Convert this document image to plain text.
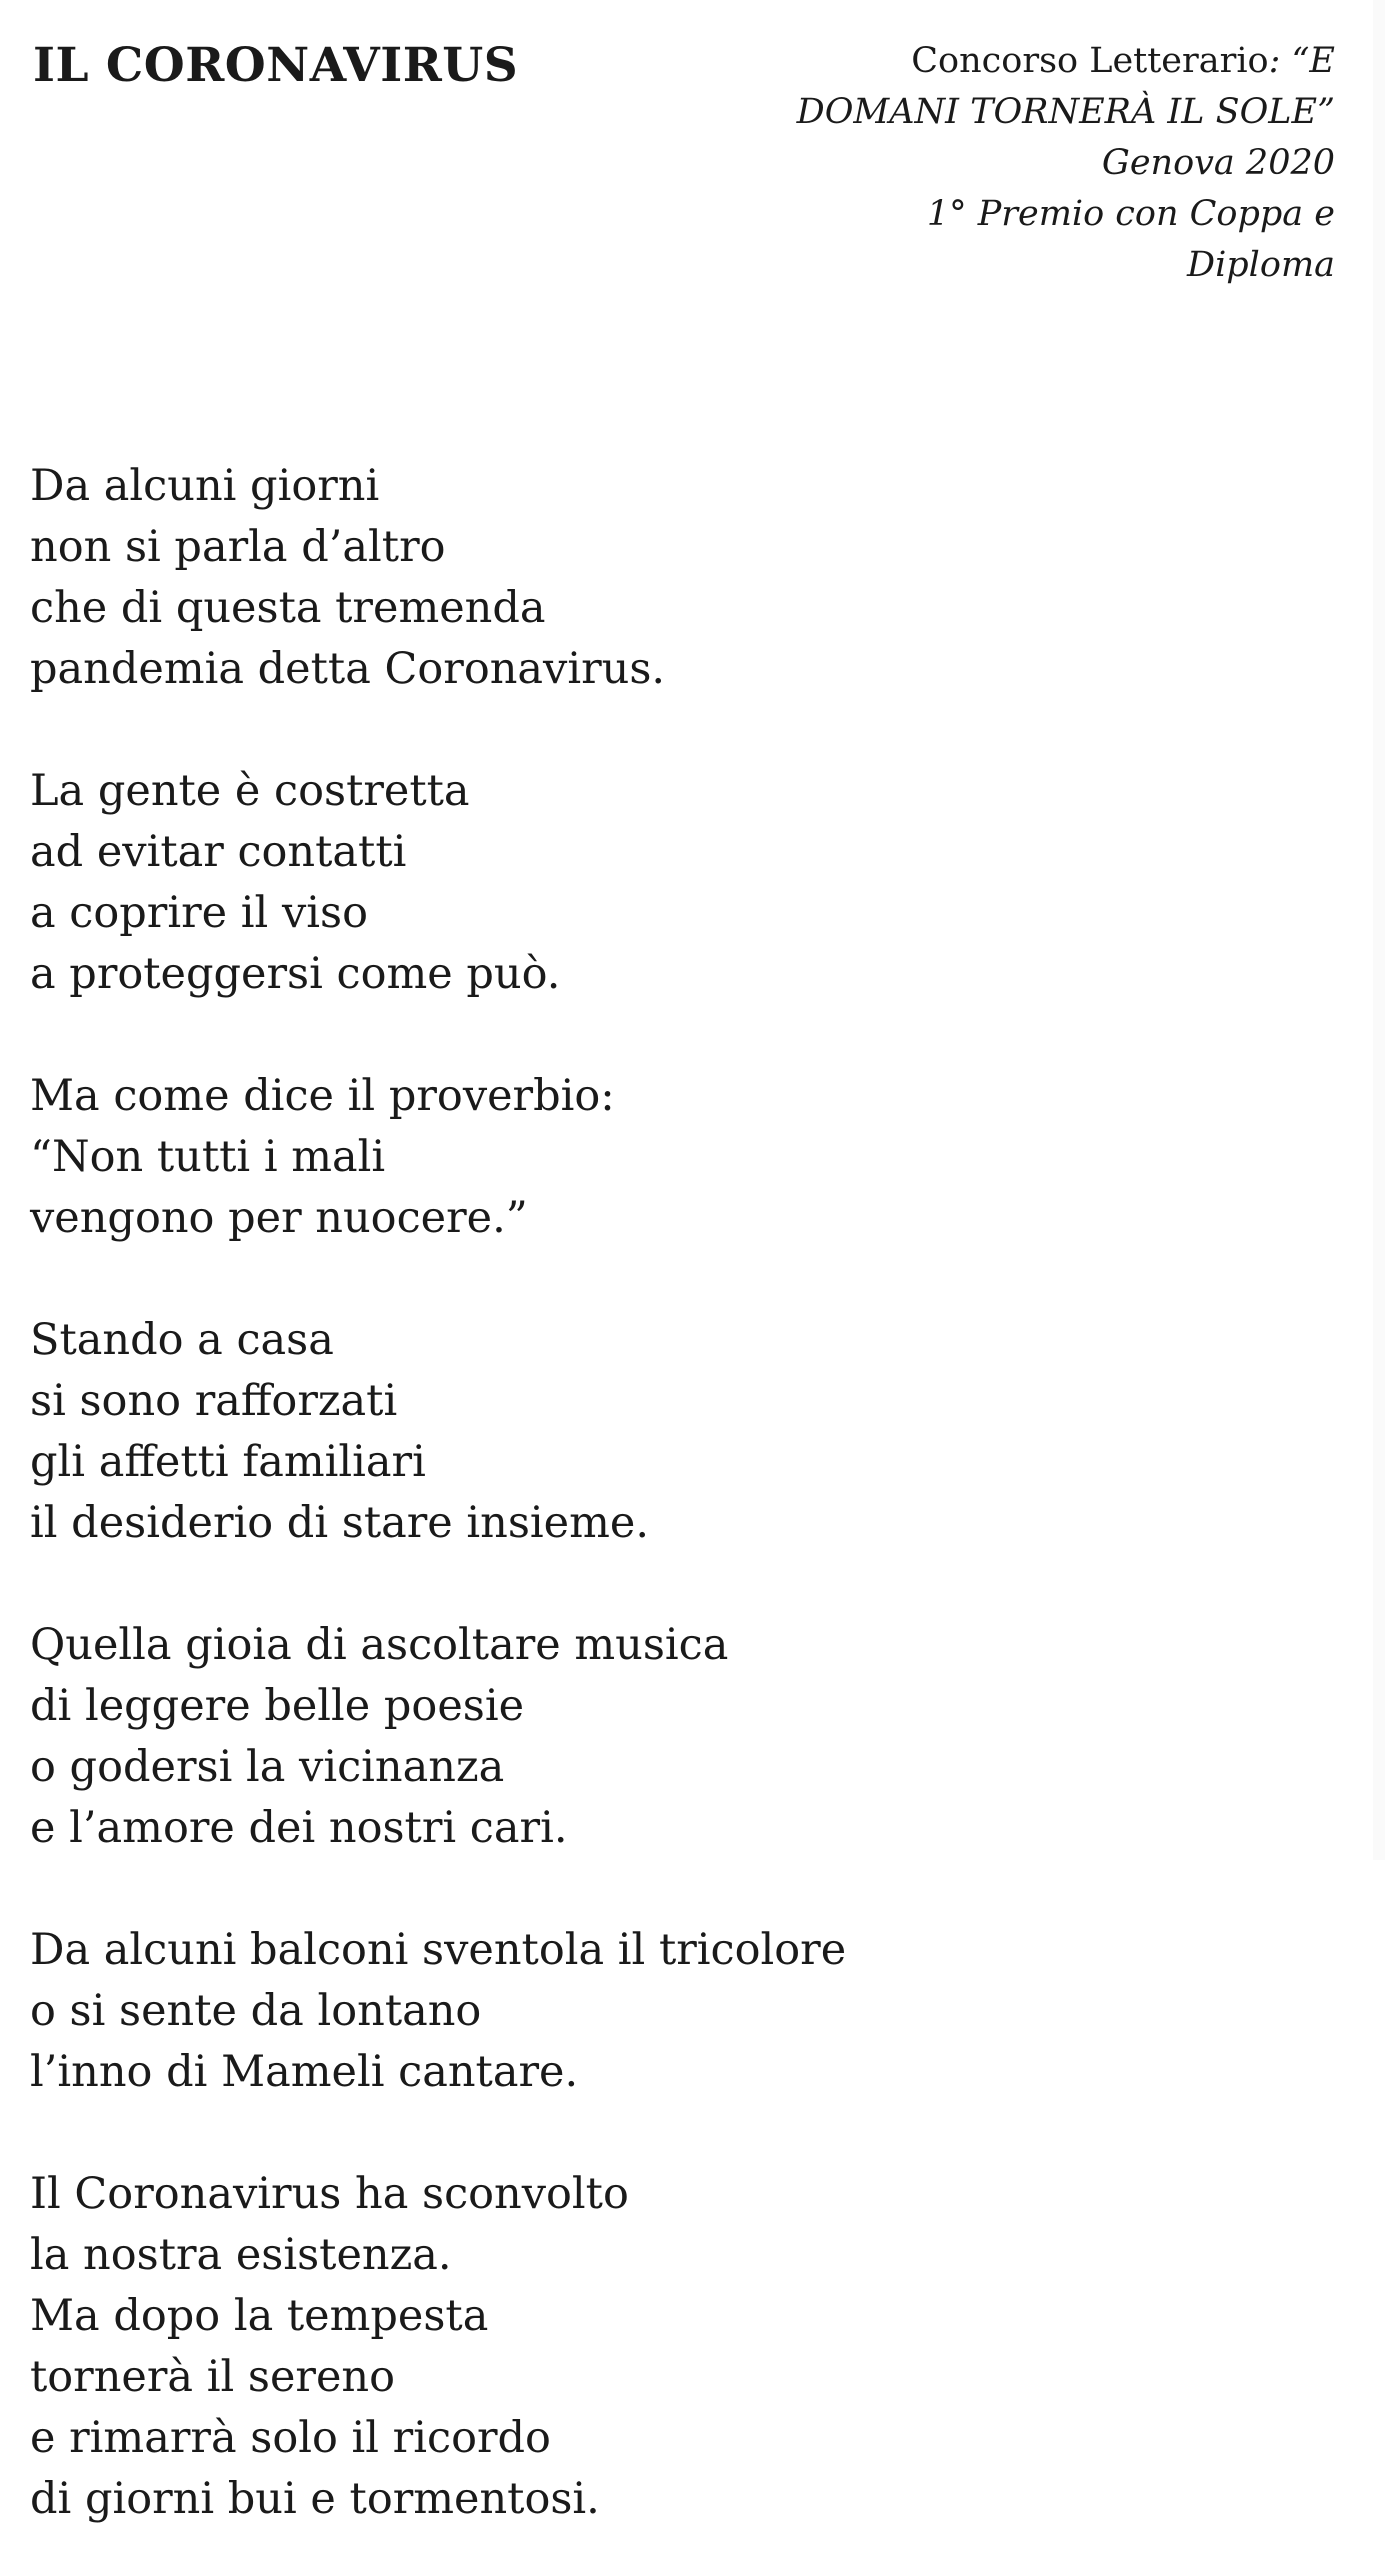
IL CORONAVIRUS	Concorso Letterario: “E
DOMANI TORNERÀ IL SOLE”
Genova 2020
1° Premio con Coppa e
Diploma
Da alcuni giorni
non si parla d’altro
che di questa tremenda
pandemia detta Coronavirus.
La gente è costretta
ad evitar contatti
a coprire il viso
a proteggersi come può.
Ma come dice il proverbio:
“Non tutti i mali
vengono per nuocere.”
Stando a casa
si sono rafforzati
gli affetti familiari
il desiderio di stare insieme.
Quella gioia di ascoltare musica
di leggere belle poesie
o godersi la vicinanza
e l’amore dei nostri cari.
Da alcuni balconi sventola il tricolore
o si sente da lontano
l’inno di Mameli cantare.
Il Coronavirus ha sconvolto
la nostra esistenza.
Ma dopo la tempesta
tornerà il sereno
e rimarrà solo il ricordo
di giorni bui e tormentosi.
